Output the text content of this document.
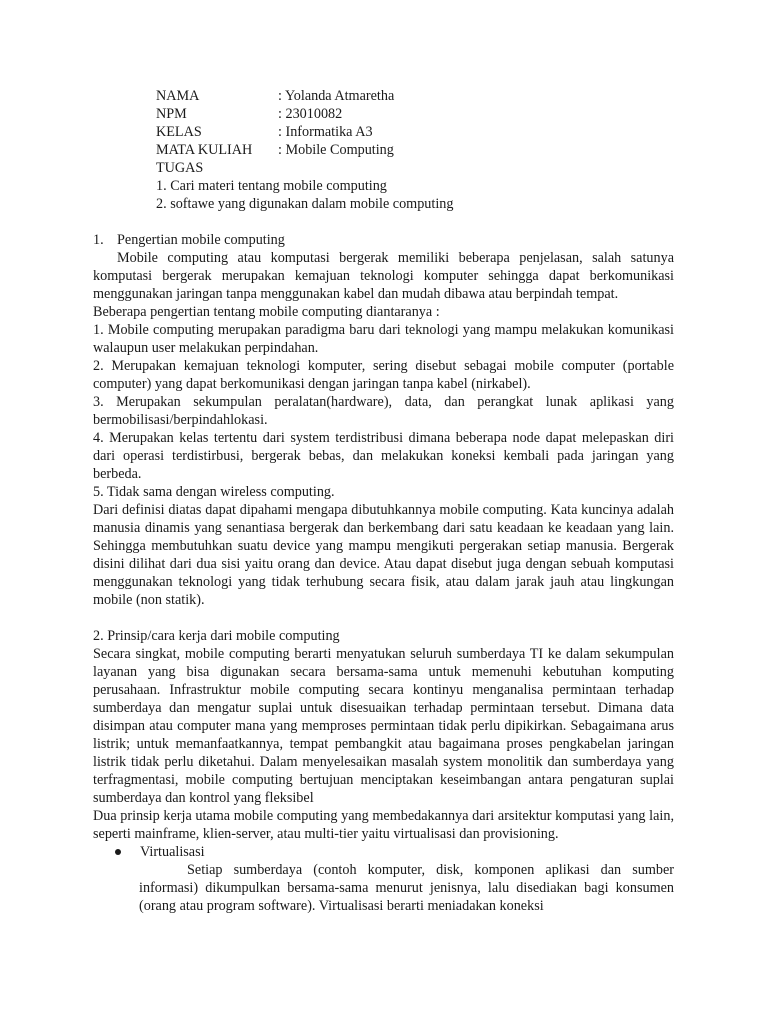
NAMA	: Yolanda Atmaretha
NPM	: 23010082
KELAS	: Informatika A3
MATA KULIAH	: Mobile Computing
TUGAS
1. Cari materi tentang mobile computing
2. softawe yang digunakan dalam mobile computing
1. Pengertian mobile computing

Mobile computing atau komputasi bergerak memiliki beberapa penjelasan, salah satunya komputasi bergerak merupakan kemajuan teknologi komputer sehingga dapat berkomunikasi menggunakan jaringan tanpa menggunakan kabel dan mudah dibawa atau berpindah tempat.

Beberapa pengertian tentang mobile computing diantaranya :

1. Mobile computing merupakan paradigma baru dari teknologi yang mampu melakukan komunikasi walaupun user melakukan perpindahan.

2. Merupakan kemajuan teknologi komputer, sering disebut sebagai mobile computer (portable computer) yang dapat berkomunikasi dengan jaringan tanpa kabel (nirkabel).

3. Merupakan sekumpulan peralatan(hardware), data, dan perangkat lunak aplikasi yang bermobilisasi/berpindahlokasi.

4. Merupakan kelas tertentu dari system terdistribusi dimana beberapa node dapat melepaskan diri dari operasi terdistirbusi, bergerak bebas, dan melakukan koneksi kembali pada jaringan yang berbeda.

5. Tidak sama dengan wireless computing.

Dari definisi diatas dapat dipahami mengapa dibutuhkannya mobile computing. Kata kuncinya adalah manusia dinamis yang senantiasa bergerak dan berkembang dari satu keadaan ke keadaan yang lain. Sehingga membutuhkan suatu device yang mampu mengikuti pergerakan setiap manusia. Bergerak disini dilihat dari dua sisi yaitu orang dan device. Atau dapat disebut juga dengan sebuah komputasi menggunakan teknologi yang tidak terhubung secara fisik, atau dalam jarak jauh atau lingkungan mobile (non statik).

2. Prinsip/cara kerja dari mobile computing

Secara singkat, mobile computing berarti menyatukan seluruh sumberdaya TI ke dalam sekumpulan layanan yang bisa digunakan secara bersama-sama untuk memenuhi kebutuhan komputing perusahaan. Infrastruktur mobile computing secara kontinyu menganalisa permintaan terhadap sumberdaya dan mengatur suplai untuk disesuaikan terhadap permintaan tersebut. Dimana data disimpan atau computer mana yang memproses permintaan tidak perlu dipikirkan. Sebagaimana arus listrik; untuk memanfaatkannya, tempat pembangkit atau bagaimana proses pengkabelan jaringan listrik tidak perlu diketahui. Dalam menyelesaikan masalah system monolitik dan sumberdaya yang terfragmentasi, mobile computing bertujuan menciptakan keseimbangan antara pengaturan suplai sumberdaya dan kontrol yang fleksibel

Dua prinsip kerja utama mobile computing yang membedakannya dari arsitektur komputasi yang lain, seperti mainframe, klien-server, atau multi-tier yaitu virtualisasi dan provisioning.

Virtualisasi

Setiap sumberdaya (contoh komputer, disk, komponen aplikasi dan sumber informasi) dikumpulkan bersama-sama menurut jenisnya, lalu disediakan bagi konsumen (orang atau program software). Virtualisasi berarti meniadakan koneksi
